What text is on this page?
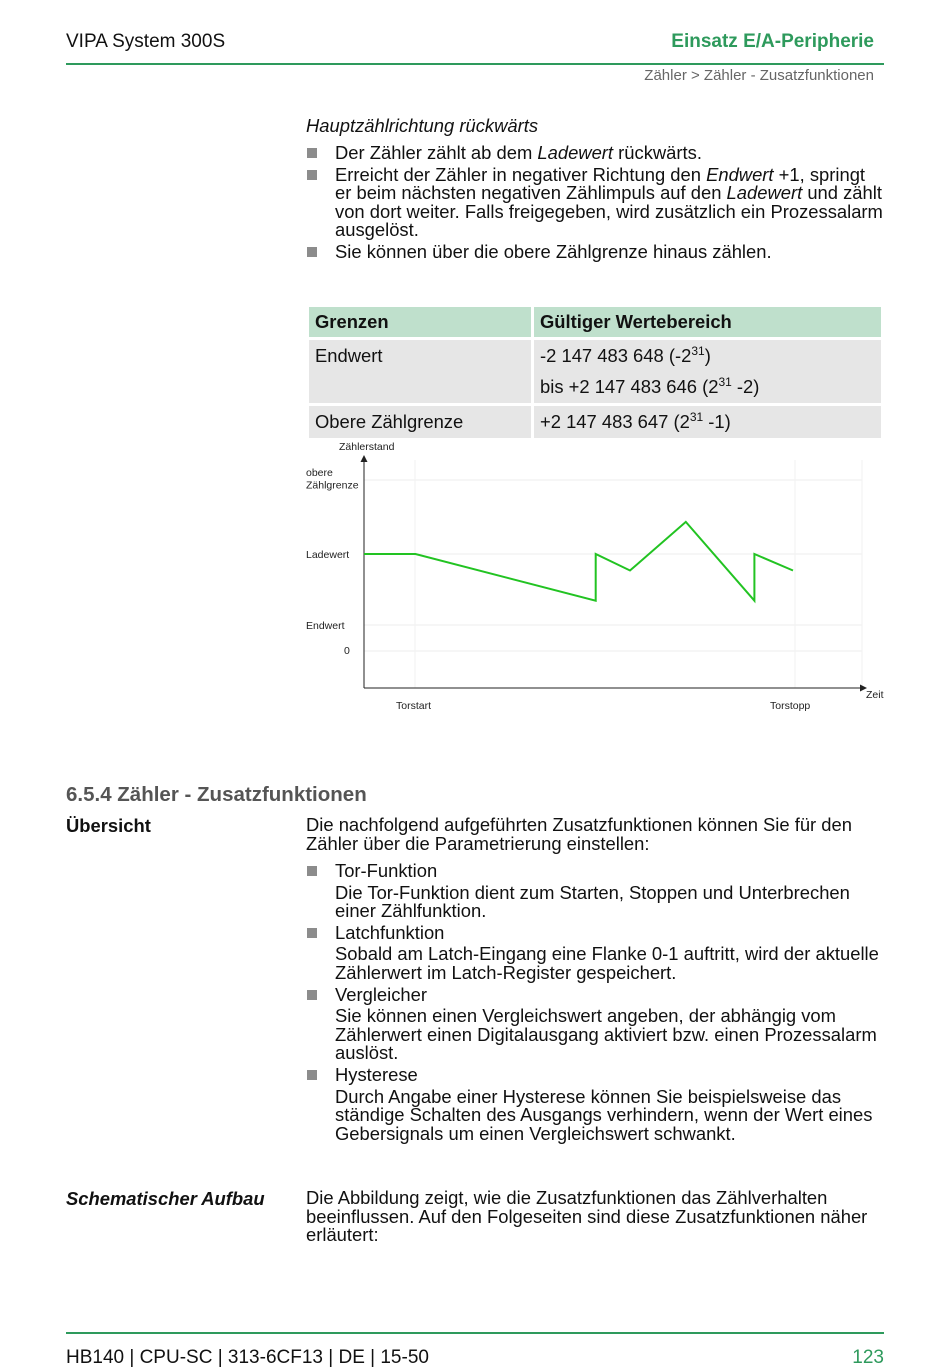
VIPA System 300S	Einsatz E/A-Peripherie
Zähler > Zähler - Zusatzfunktionen
Hauptzählrichtung rückwärts
Der Zähler zählt ab dem Ladewert rückwärts.
Erreicht der Zähler in negativer Richtung den Endwert +1, springt er beim nächsten negativen Zählimpuls auf den Ladewert und zählt von dort weiter. Falls freigegeben, wird zusätzlich ein Prozessalarm ausgelöst.
Sie können über die obere Zählgrenze hinaus zählen.
Grenzen	Gültiger Wertebereich
Endwert	-2 147 483 648 $(-2^{31})$
bis +2 147 483 646 ($2^{31}$ -2)

Obere Zählgrenze	+2 147 483 647 ($2^{31}$ -1)
Zählerstand
Zeit
obere Zählgrenze
Ladewert
Endwert
0
Torstart	Torstopp
6.5.4 Zähler - Zusatzfunktionen
Übersicht	Die nachfolgend aufgeführten Zusatzfunktionen können Sie für den Zähler über die Parametrierung einstellen:
Tor-Funktion
Die Tor-Funktion dient zum Starten, Stoppen und Unterbrechen einer Zählfunktion.
Latchfunktion
Sobald am Latch-Eingang eine Flanke 0-1 auftritt, wird der aktuelle Zählerwert im Latch-Register gespeichert.
Vergleicher
Sie können einen Vergleichswert angeben, der abhängig vom Zählerwert einen Digitalausgang aktiviert bzw. einen Prozessalarm auslöst.
Hysterese
Durch Angabe einer Hysterese können Sie beispielsweise das ständige Schalten des Ausgangs verhindern, wenn der Wert eines Gebersignals um einen Vergleichswert schwankt.
Schematischer Aufbau Die Abbildung zeigt, wie die Zusatzfunktionen das Zählverhalten beeinflussen. Auf den Folgeseiten sind diese Zusatzfunktionen näher erläutert:
HB140 | CPU-SC | 313-6CF13 | DE | 15-50	123
